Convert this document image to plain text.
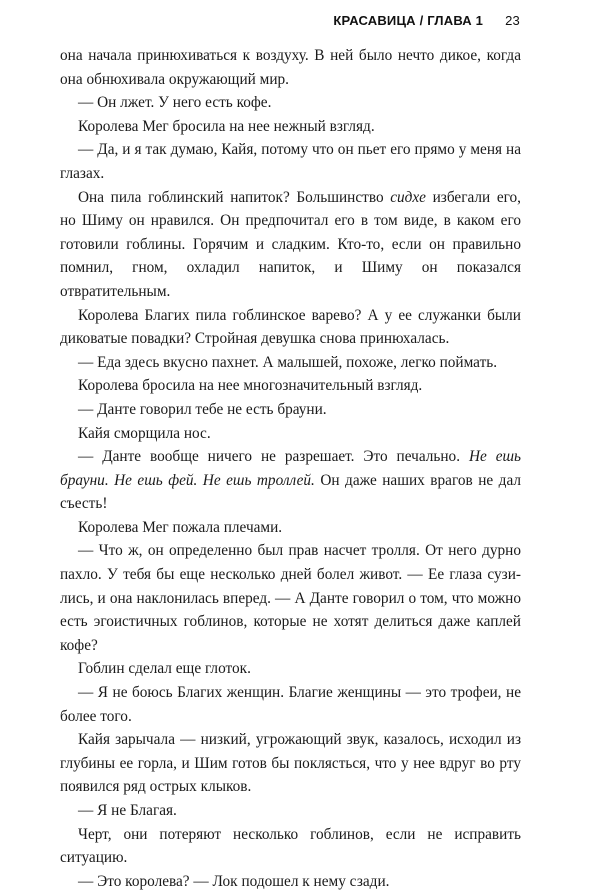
КРАСАВИЦА / ГЛАВА 1 23

она начала принюхиваться к воздуху. В ней было нечто дикое, когда она обнюхивала окружающий мир.

— Он лжет. У него есть кофе.

Королева Мег бросила на нее нежный взгляд.

— Да, и я так думаю, Кайя, потому что он пьет его прямо у меня на глазах.

Она пила гоблинский напиток? Большинство сидхе избегали его, но Шиму он нравился. Он предпочитал его в том виде, в каком его готовили гоблины. Горячим и сладким. Кто-то, если он правильно помнил, гном, охладил напиток, и Шиму он показался отвратительным.

Королева Благих пила гоблинское варево? А у ее служанки были диковатые повадки? Стройная девушка снова принюхалась.

— Еда здесь вкусно пахнет. А малышей, похоже, легко поймать.

Королева бросила на нее многозначительный взгляд.

— Данте говорил тебе не есть брауни.

Кайя сморщила нос.

— Данте вообще ничего не разрешает. Это печально. Не ешь брауни. Не ешь фей. Не ешь троллей. Он даже наших врагов не дал съесть!

Королева Мег пожала плечами.

— Что ж, он определенно был прав насчет тролля. От него дурно пахло. У тебя бы еще несколько дней болел живот. — Ее глаза сузились, и она наклонилась вперед. — А Данте говорил о том, что можно есть эгоистичных гоблинов, которые не хотят делиться даже каплей кофе?

Гоблин сделал еще глоток.

— Я не боюсь Благих женщин. Благие женщины — это трофеи, не более того.

Кайя зарычала — низкий, угрожающий звук, казалось, исходил из глубины ее горла, и Шим готов бы поклясться, что у нее вдруг во рту появился ряд острых клыков.

— Я не Благая.

Черт, они потеряют несколько гоблинов, если не исправить ситуацию.

— Это королева? — Лок подошел к нему сзади.
